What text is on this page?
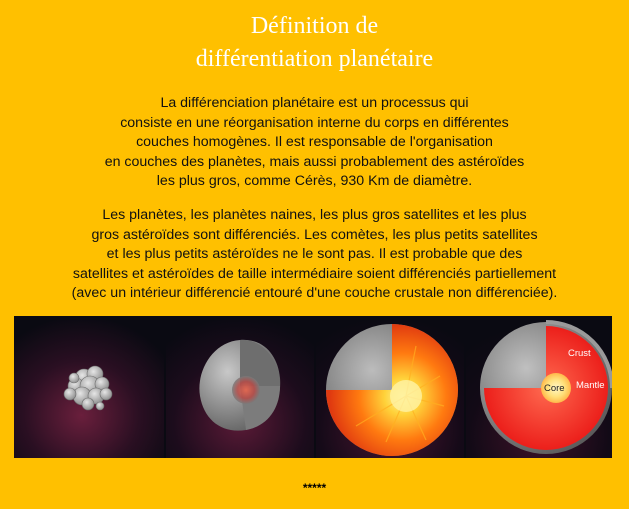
Définition de
différentiation planétaire
La différenciation planétaire est un processus qui
consiste en une réorganisation interne du corps en différentes
couches homogènes. Il est responsable de l'organisation
en couches des planètes, mais aussi probablement des astéroïdes
les plus gros, comme Cérès, 930 Km de diamètre.
Les planètes, les planètes naines, les plus gros satellites et les plus
gros astéroïdes sont différenciés. Les comètes, les plus petits satellites
et les plus petits astéroïdes ne le sont pas. Il est probable que des
satellites et astéroïdes de taille intermédiaire soient différenciés partiellement
(avec un intérieur différencié entouré d'une couche crustale non différenciée).
Crust
Core Mantle
*****
